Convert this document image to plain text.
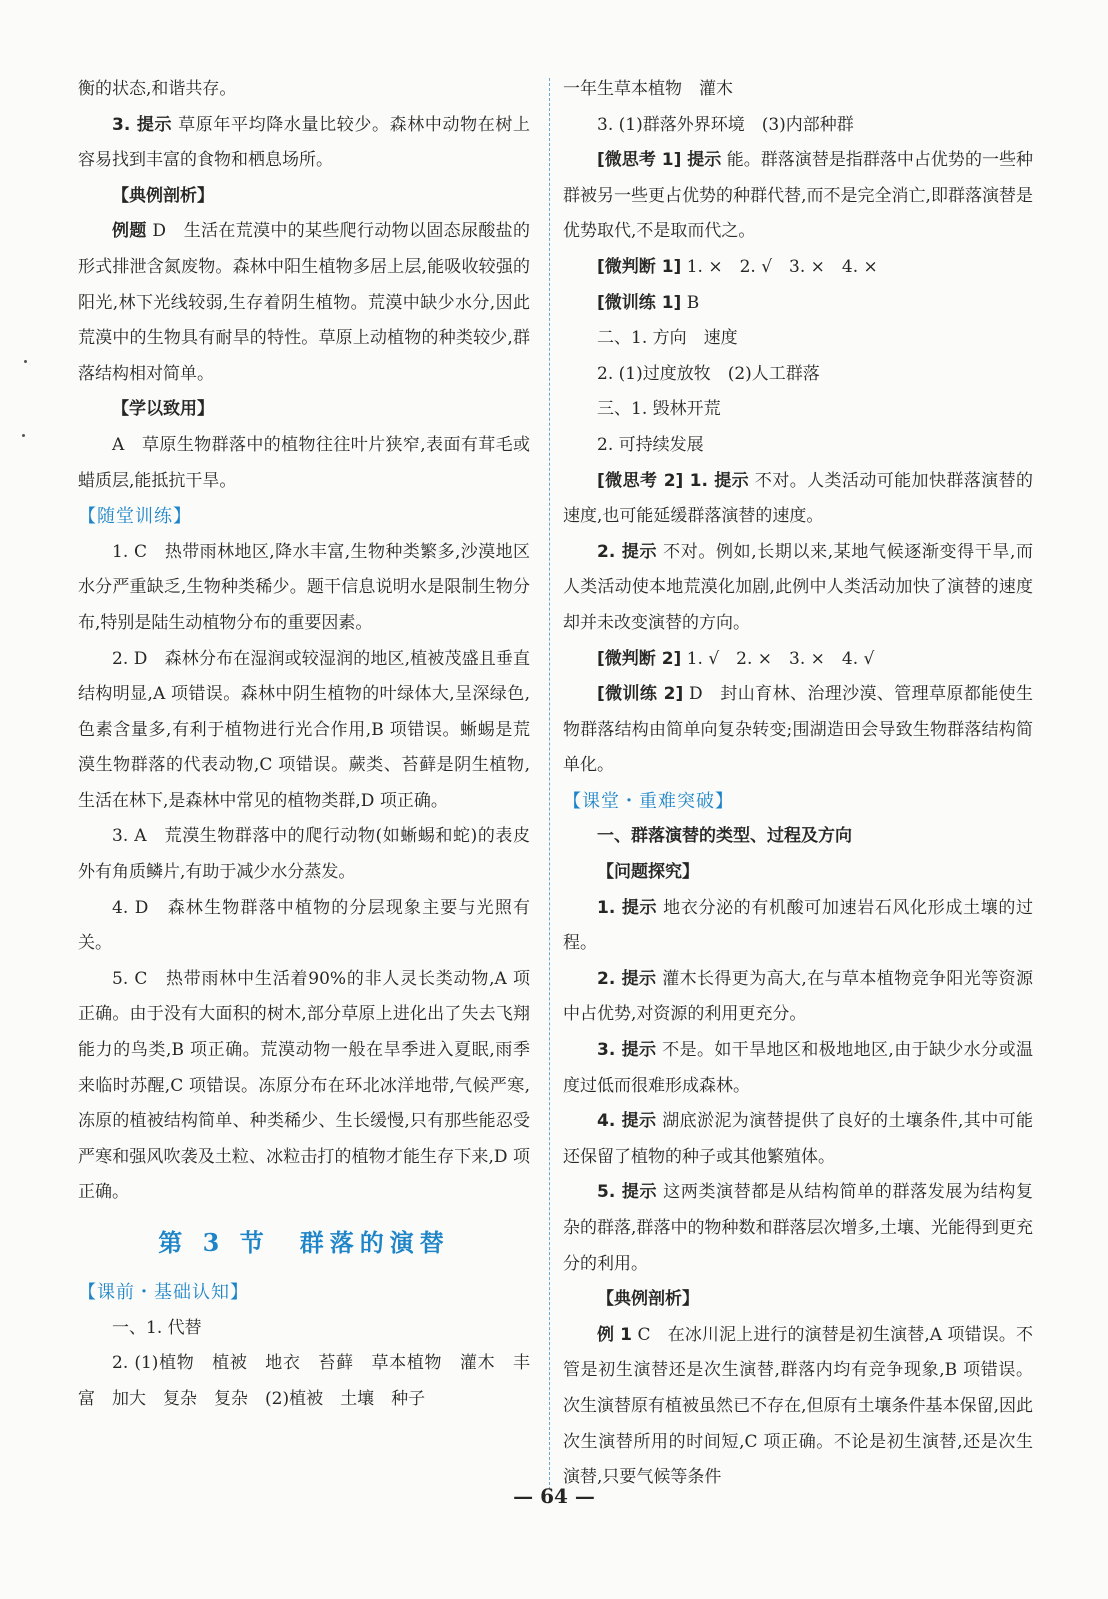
衡的状态,和谐共存。

3. 提示 草原年平均降水量比较少。森林中动物在树上容易找到丰富的食物和栖息场所。

【典例剖析】

例题 D　生活在荒漠中的某些爬行动物以固态尿酸盐的形式排泄含氮废物。森林中阳生植物多居上层,能吸收较强的阳光,林下光线较弱,生存着阴生植物。荒漠中缺少水分,因此荒漠中的生物具有耐旱的特性。草原上动植物的种类较少,群落结构相对简单。

【学以致用】

A　草原生物群落中的植物往往叶片狭窄,表面有茸毛或蜡质层,能抵抗干旱。

【随堂训练】

1. C　热带雨林地区,降水丰富,生物种类繁多,沙漠地区水分严重缺乏,生物种类稀少。题干信息说明水是限制生物分布,特别是陆生动植物分布的重要因素。

2. D　森林分布在湿润或较湿润的地区,植被茂盛且垂直结构明显,A 项错误。森林中阴生植物的叶绿体大,呈深绿色,色素含量多,有利于植物进行光合作用,B 项错误。蜥蜴是荒漠生物群落的代表动物,C 项错误。蕨类、苔藓是阴生植物,生活在林下,是森林中常见的植物类群,D 项正确。

3. A　荒漠生物群落中的爬行动物(如蜥蜴和蛇)的表皮外有角质鳞片,有助于减少水分蒸发。

4. D　森林生物群落中植物的分层现象主要与光照有关。

5. C　热带雨林中生活着90%的非人灵长类动物,A 项正确。由于没有大面积的树木,部分草原上进化出了失去飞翔能力的鸟类,B 项正确。荒漠动物一般在旱季进入夏眠,雨季来临时苏醒,C 项错误。冻原分布在环北冰洋地带,气候严寒,冻原的植被结构简单、种类稀少、生长缓慢,只有那些能忍受严寒和强风吹袭及土粒、冰粒击打的植物才能生存下来,D 项正确。

第 3 节　群落的演替

【课前・基础认知】

一、1. 代替

2. (1)植物　植被　地衣　苔藓　草本植物　灌木　丰富　加大　复杂　复杂　(2)植被　土壤　种子

一年生草本植物　灌木

3. (1)群落外界环境　(3)内部种群

[微思考 1] 提示 能。群落演替是指群落中占优势的一些种群被另一些更占优势的种群代替,而不是完全消亡,即群落演替是优势取代,不是取而代之。

[微判断 1] 1. ×　2. √　3. ×　4. ×

[微训练 1] B

二、1. 方向　速度

2. (1)过度放牧　(2)人工群落

三、1. 毁林开荒

2. 可持续发展

[微思考 2] 1. 提示 不对。人类活动可能加快群落演替的速度,也可能延缓群落演替的速度。

2. 提示 不对。例如,长期以来,某地气候逐渐变得干旱,而人类活动使本地荒漠化加剧,此例中人类活动加快了演替的速度却并未改变演替的方向。

[微判断 2] 1. √　2. ×　3. ×　4. √

[微训练 2] D　封山育林、治理沙漠、管理草原都能使生物群落结构由简单向复杂转变;围湖造田会导致生物群落结构简单化。

【课堂・重难突破】

一、群落演替的类型、过程及方向

【问题探究】

1. 提示 地衣分泌的有机酸可加速岩石风化形成土壤的过程。

2. 提示 灌木长得更为高大,在与草本植物竞争阳光等资源中占优势,对资源的利用更充分。

3. 提示 不是。如干旱地区和极地地区,由于缺少水分或温度过低而很难形成森林。

4. 提示 湖底淤泥为演替提供了良好的土壤条件,其中可能还保留了植物的种子或其他繁殖体。

5. 提示 这两类演替都是从结构简单的群落发展为结构复杂的群落,群落中的物种数和群落层次增多,土壤、光能得到更充分的利用。

【典例剖析】

例 1 C　在冰川泥上进行的演替是初生演替,A 项错误。不管是初生演替还是次生演替,群落内均有竞争现象,B 项错误。次生演替原有植被虽然已不存在,但原有土壤条件基本保留,因此次生演替所用的时间短,C 项正确。不论是初生演替,还是次生演替,只要气候等条件

— 64 —
